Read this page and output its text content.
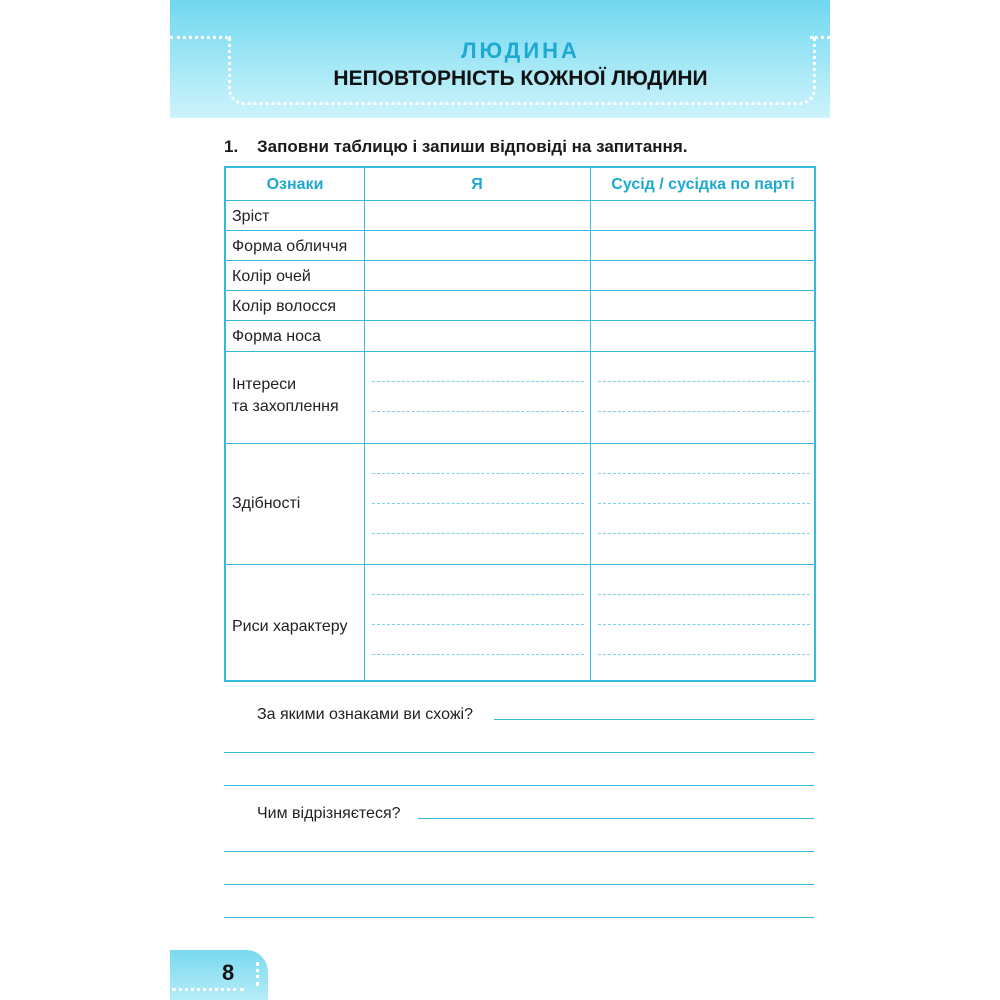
ЛЮДИНА
НЕПОВТОРНІСТЬ КОЖНОЇ ЛЮДИНИ
1. Заповни таблицю і запиши відповіді на запитання.
Ознаки	Я	Сусід / сусідка по парті
Зріст
Форма обличчя
Колір очей
Колір волосся
Форма носа
Інтереси
та захоплення
Здібності
Риси характеру
За якими ознаками ви схожі?
Чим відрізняєтеся?
8
